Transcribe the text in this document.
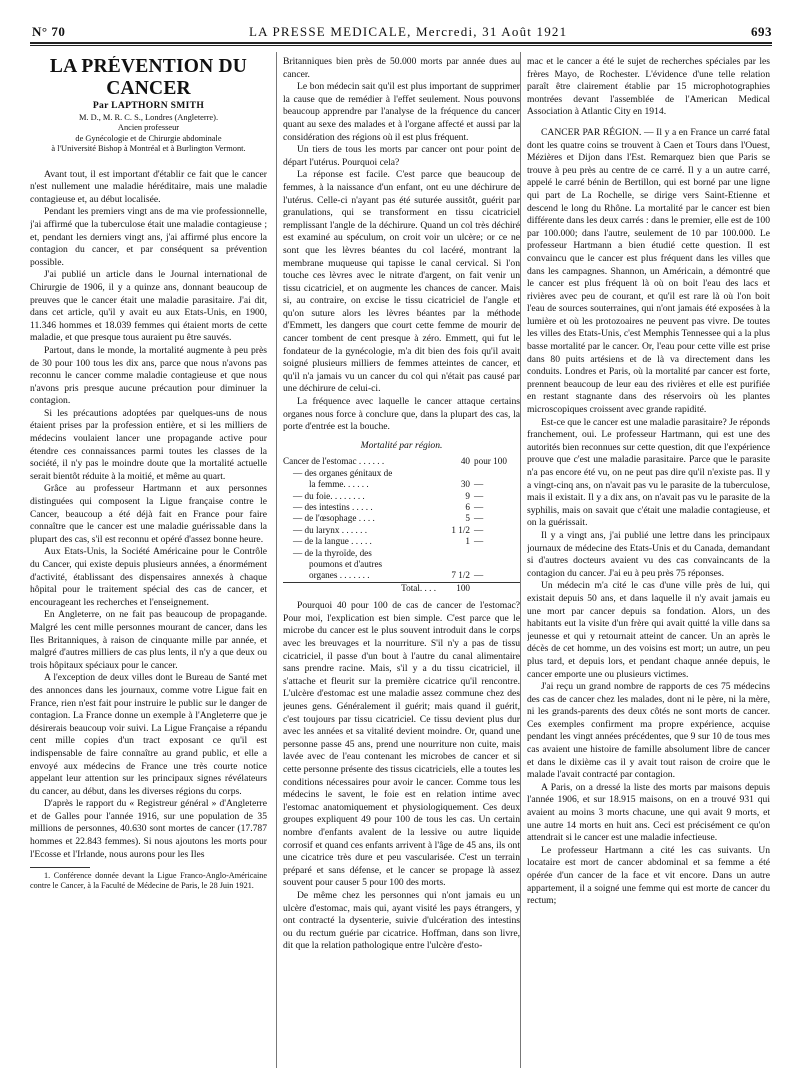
N° 70	LA PRESSE MEDICALE, Mercredi, 31 Août 1921	693

LA PRÉVENTION DU CANCER

Par LAPTHORN SMITH
M. D., M. R. C. S., Londres (Angleterre).
Ancien professeur
de Gynécologie et de Chirurgie abdominale
à l'Université Bishop à Montréal et à Burlington Vermont.

Avant tout, il est important d'établir ce fait que le cancer n'est nullement une maladie héréditaire, mais une maladie contagieuse et, au début localisée.

Pendant les premiers vingt ans de ma vie professionnelle, j'ai affirmé que la tuberculose était une maladie contagieuse ; et, pendant les derniers vingt ans, j'ai affirmé plus encore la contagion du cancer, et par conséquent sa prévention possible.

J'ai publié un article dans le Journal international de Chirurgie de 1906, il y a quinze ans, donnant beaucoup de preuves que le cancer était une maladie parasitaire. J'ai dit, dans cet article, qu'il y avait eu aux Etats-Unis, en 1900, 11.346 hommes et 18.039 femmes qui étaient morts de cette maladie, et que presque tous auraient pu être sauvés.

Partout, dans le monde, la mortalité augmente à peu près de 30 pour 100 tous les dix ans, parce que nous n'avons pas reconnu le cancer comme maladie contagieuse et que nous n'avons pris presque aucune précaution pour diminuer la contagion.

Si les précautions adoptées par quelques-uns de nous étaient prises par la profession entière, et si les milliers de médecins voulaient lancer une propagande active pour étendre ces connaissances parmi toutes les classes de la société, il n'y pas le moindre doute que la mortalité actuelle serait bientôt réduite à la moitié, et même au quart.

Grâce au professeur Hartmann et aux personnes distinguées qui composent la Ligue française contre le Cancer, beaucoup a été déjà fait en France pour faire connaître que le cancer est une maladie guérissable dans la plupart des cas, s'il est reconnu et opéré d'assez bonne heure.

Aux Etats-Unis, la Société Américaine pour le Contrôle du Cancer, qui existe depuis plusieurs années, a énormément d'activité, établissant des dispensaires annexés à chaque hôpital pour le traitement spécial des cas de cancer, et encourageant les recherches et l'enseignement.

En Angleterre, on ne fait pas beaucoup de propagande. Malgré les cent mille personnes mourant de cancer, dans les Iles Britanniques, à raison de cinquante mille par année, et malgré d'autres milliers de cas plus lents, il n'y a que deux ou trois hôpitaux spéciaux pour le cancer.

A l'exception de deux villes dont le Bureau de Santé met des annonces dans les journaux, comme votre Ligue fait en France, rien n'est fait pour instruire le public sur le danger de contagion. La France donne un exemple à l'Angleterre que je désirerais beaucoup voir suivi. La Ligue Française a répandu cent mille copies d'un tract exposant ce qu'il est indispensable de faire connaître au grand public, et elle a envoyé aux médecins de France une très courte notice appelant leur attention sur les principaux signes révélateurs du cancer, au début, dans les diverses régions du corps.

D'après le rapport du « Registreur général » d'Angleterre et de Galles pour l'année 1916, sur une population de 35 millions de personnes, 40.630 sont mortes de cancer (17.787 hommes et 22.843 femmes). Si nous ajoutons les morts pour l'Ecosse et l'Irlande, nous aurons pour les Iles

1. Conférence donnée devant la Ligue Franco-Anglo-Américaine contre le Cancer, à la Faculté de Médecine de Paris, le 28 Juin 1921.

Britanniques bien près de 50.000 morts par année dues au cancer.

Le bon médecin sait qu'il est plus important de supprimer la cause que de remédier à l'effet seulement. Nous pouvons beaucoup apprendre par l'analyse de la fréquence du cancer quant au sexe des malades et à l'organe affecté et aussi par la considération des régions où il est plus fréquent.

Un tiers de tous les morts par cancer ont pour point de départ l'utérus. Pourquoi cela?

La réponse est facile. C'est parce que beaucoup de femmes, à la naissance d'un enfant, ont eu une déchirure de l'utérus. Celle-ci n'ayant pas été suturée aussitôt, guérit par granulations, qui se transforment en tissu cicatriciel remplissant l'angle de la déchirure. Quand un col très déchiré est examiné au spéculum, on croit voir un ulcère; or ce ne sont que les lèvres béantes du col lacéré, montrant la membrane muqueuse qui tapisse le canal cervical. Si l'on touche ces lèvres avec le nitrate d'argent, on fait venir un tissu cicatriciel, et on augmente les chances de cancer. Mais si, au contraire, on excise le tissu cicatriciel de l'angle et qu'on suture alors les lèvres béantes par la méthode d'Emmett, les dangers que court cette femme de mourir de cancer tombent de cent presque à zéro. Emmett, qui fut le fondateur de la gynécologie, m'a dit bien des fois qu'il avait soigné plusieurs milliers de femmes atteintes de cancer, et qu'il n'a jamais vu un cancer du col qui n'était pas causé par une déchirure de celui-ci.

La fréquence avec laquelle le cancer attaque certains organes nous force à conclure que, dans la plupart des cas, la porte d'entrée est la bouche.

Mortalité par région.
Cancer de l'estomac . . . . . .	40	pour 100
— des organes génitaux de		
la femme. . . . . .	30	—
— du foie. . . . . . . .	9	—
— des intestins . . . . .	6	—
— de l'œsophage . . . .	5	—
— du larynx . . . . . .	1 1/2	—
— de la langue . . . . .	1	—
— de la thyroïde, des		
poumons et d'autres		
organes . . . . . . .	7 1/2	—
Total. . . .	100	

Pourquoi 40 pour 100 de cas de cancer de l'estomac? Pour moi, l'explication est bien simple. C'est parce que le microbe du cancer est le plus souvent introduit dans le corps avec les breuvages et la nourriture. S'il n'y a pas de tissu cicatriciel, il passe d'un bout à l'autre du canal alimentaire sans prendre racine. Mais, s'il y a du tissu cicatriciel, il s'attache et fleurit sur la première cicatrice qu'il rencontre. L'ulcère d'estomac est une maladie assez commune chez des jeunes gens. Généralement il guérit; mais quand il guérit, c'est toujours par tissu cicatriciel. Ce tissu devient plus dur avec les années et sa vitalité devient moindre. Or, quand une personne passe 45 ans, prend une nourriture non cuite, mais lavée avec de l'eau contenant les microbes de cancer et si cette personne présente des tissus cicatriciels, elle a toutes les conditions nécessaires pour avoir le cancer. Comme tous les médecins le savent, le foie est en relation intime avec l'estomac anatomiquement et physiologiquement. Ces deux groupes expliquent 49 pour 100 de tous les cas. Un certain nombre d'enfants avalent de la lessive ou autre liquide corrosif et quand ces enfants arrivent à l'âge de 45 ans, ils ont une cicatrice très dure et peu vascularisée. C'est un terrain préparé et sans défense, et le cancer se propage là assez souvent pour causer 5 pour 100 des morts.

De même chez les personnes qui n'ont jamais eu un ulcère d'estomac, mais qui, ayant visité les pays étrangers, y ont contracté la dysenterie, suivie d'ulcération des intestins ou du rectum guérie par cicatrice. Hoffman, dans son livre, dit que la relation pathologique entre l'ulcère d'esto-

mac et le cancer a été le sujet de recherches spéciales par les frères Mayo, de Rochester. L'évidence d'une telle relation paraît être clairement établie par 15 microphotographies montrées devant l'assemblée de l'American Medical Association à Atlantic City en 1914.

CANCER PAR RÉGION. — Il y a en France un carré fatal dont les quatre coins se trouvent à Caen et Tours dans l'Ouest, Mézières et Dijon dans l'Est. Remarquez bien que Paris se trouve à peu près au centre de ce carré. Il y a un autre carré, appelé le carré bénin de Bertillon, qui est borné par une ligne qui part de La Rochelle, se dirige vers Saint-Etienne et descend le long du Rhône. La mortalité par le cancer est bien différente dans les deux carrés : dans le premier, elle est de 100 par 100.000; dans l'autre, seulement de 10 par 100.000. Le professeur Hartmann a bien étudié cette question. Il est convaincu que le cancer est plus fréquent dans les villes que dans les campagnes. Shannon, un Américain, a démontré que le cancer est plus fréquent là où on boit l'eau des lacs et rivières avec peu de courant, et qu'il est rare là où l'on boit l'eau de sources souterraines, qui n'ont jamais été exposées à la lumière et où les protozoaires ne peuvent pas vivre. De toutes les villes des Etats-Unis, c'est Memphis Tennessee qui a la plus basse mortalité par le cancer. Or, l'eau pour cette ville est prise dans 80 puits artésiens et de là va directement dans les conduits. Londres et Paris, où la mortalité par cancer est forte, prennent beaucoup de leur eau des rivières et elle est purifiée en restant stagnante dans des réservoirs où les plantes microscopiques croissent avec grande rapidité.

Est-ce que le cancer est une maladie parasitaire? Je réponds franchement, oui. Le professeur Hartmann, qui est une des autorités bien reconnues sur cette question, dit que l'expérience prouve que c'est une maladie parasitaire. Parce que le parasite n'a pas encore été vu, on ne peut pas dire qu'il n'existe pas. Il y a vingt-cinq ans, on n'avait pas vu le parasite de la tuberculose, mais il existait. Il y a dix ans, on n'avait pas vu le parasite de la syphilis, mais on savait que c'était une maladie contagieuse, et on la guérissait.

Il y a vingt ans, j'ai publié une lettre dans les principaux journaux de médecine des Etats-Unis et du Canada, demandant si d'autres docteurs avaient vu des cas convaincants de la contagion du cancer. J'ai eu à peu près 75 réponses.

Un médecin m'a cité le cas d'une ville près de lui, qui existait depuis 50 ans, et dans laquelle il n'y avait jamais eu une mort par cancer depuis sa fondation. Alors, un des habitants eut la visite d'un frère qui avait quitté la ville dans sa jeunesse et qui y retournait atteint de cancer. Un an après le décès de cet homme, un des voisins est mort; un autre, un peu plus tard, et depuis lors, et pendant chaque année depuis, le cancer emporte une ou plusieurs victimes.

J'ai reçu un grand nombre de rapports de ces 75 médecins des cas de cancer chez les malades, dont ni le père, ni la mère, ni les grands-parents des deux côtés ne sont morts de cancer. Ces exemples confirment ma propre expérience, acquise pendant les vingt années précédentes, que 9 sur 10 de tous mes cas avaient une histoire de famille absolument libre de cancer et dans le dixième cas il y avait tout raison de croire que le malade l'avait contracté par contagion.

A Paris, on a dressé la liste des morts par maisons depuis l'année 1906, et sur 18.915 maisons, on en a trouvé 931 qui avaient au moins 3 morts chacune, une qui avait 9 morts, et une autre 14 morts en huit ans. Ceci est précisément ce qu'on attendrait si le cancer est une maladie infectieuse.

Le professeur Hartmann a cité les cas suivants. Un locataire est mort de cancer abdominal et sa femme a été opérée d'un cancer de la face et vit encore. Dans un autre appartement, il a soigné une femme qui est morte de cancer du rectum;
